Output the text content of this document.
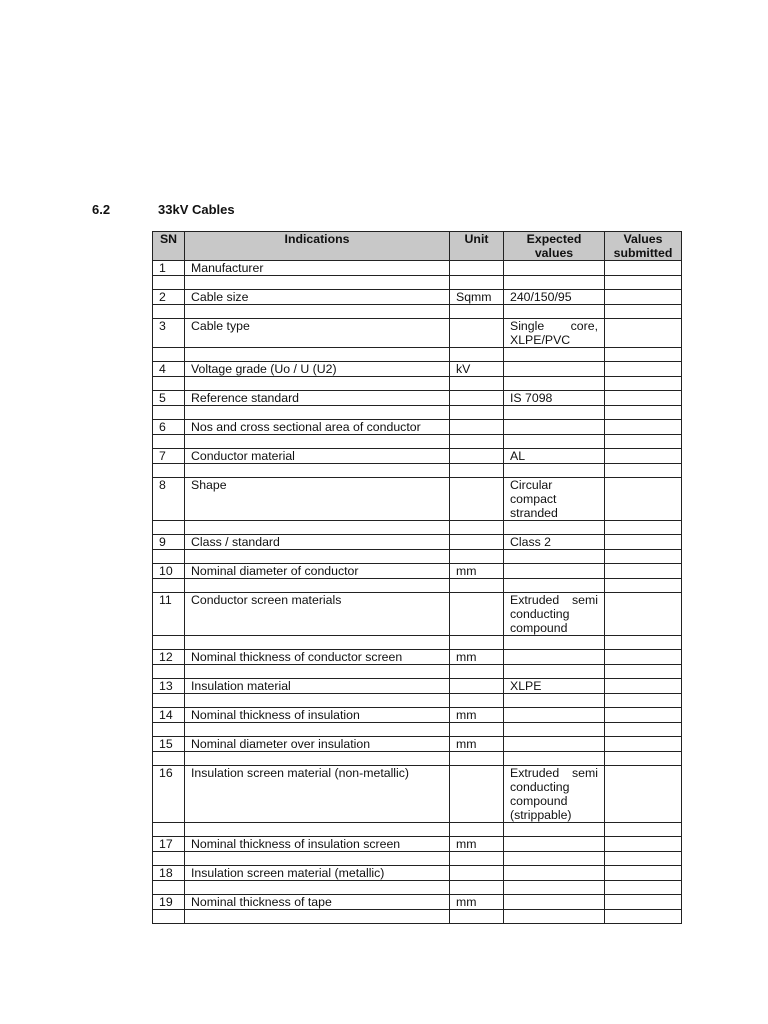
6.2	33kV Cables
SN	Indications	Unit	Expected values	Values submitted
1	Manufacturer			

2	Cable size	Sqmm	240/150/95	

3	Cable type		Single core, XLPE/PVC	

4	Voltage grade (Uo / U (U2)	kV		

5	Reference standard		IS 7098	

6	Nos and cross sectional area of conductor			

7	Conductor material		AL	

8	Shape		Circular compact stranded	

9	Class / standard		Class 2	

10	Nominal diameter of conductor	mm		

11	Conductor screen materials		Extruded semi conducting compound	

12	Nominal thickness of conductor screen	mm		

13	Insulation material		XLPE	

14	Nominal thickness of insulation	mm		

15	Nominal diameter over insulation	mm		

16	Insulation screen material (non-metallic)		Extruded semi conducting compound (strippable)	

17	Nominal thickness of insulation screen	mm		

18	Insulation screen material (metallic)			

19	Nominal thickness of tape	mm		
